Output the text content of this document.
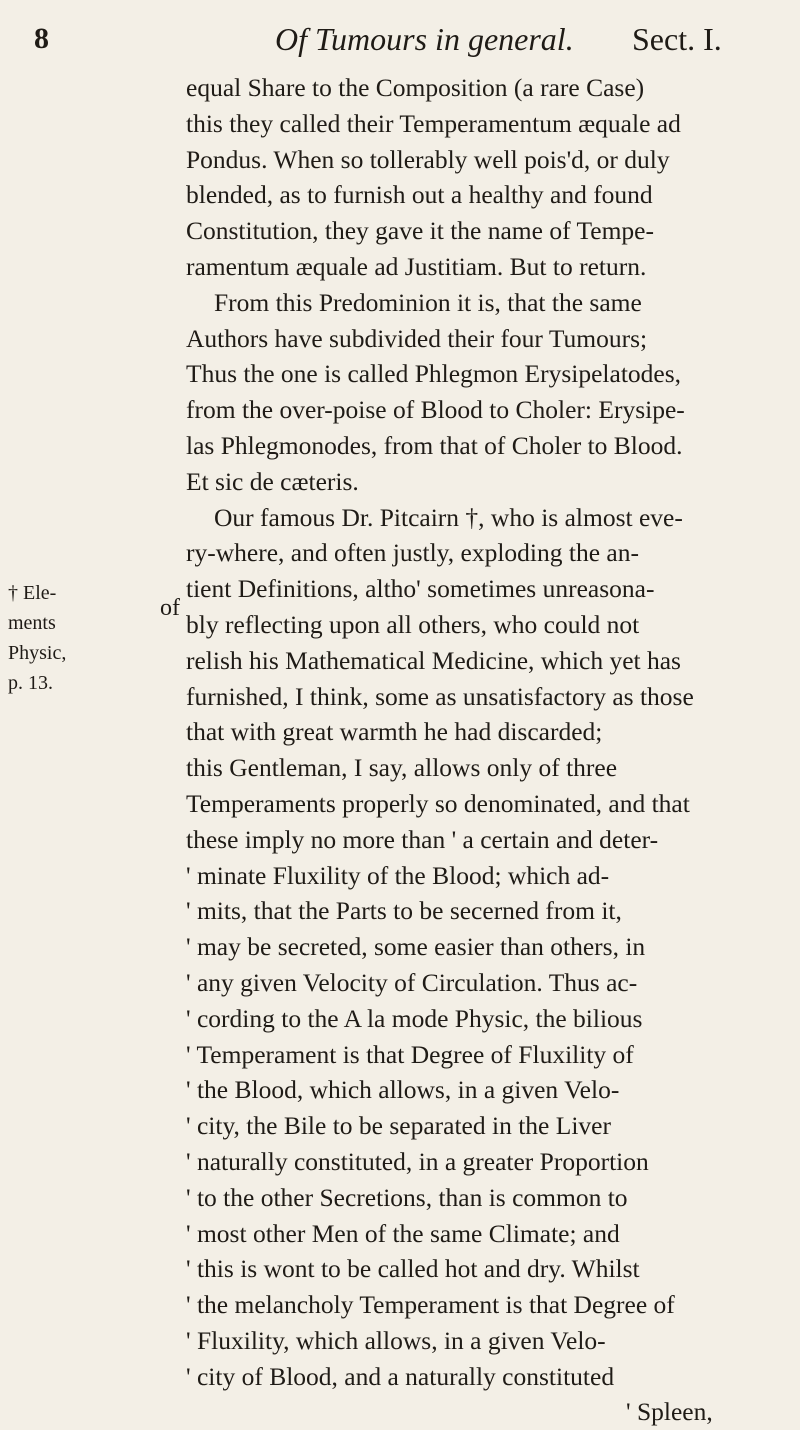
8	Of Tumours in general. Sect. I.
† Ele-
ments
Physic,
p. 13.
of
equal Share to the Composition (a rare Case)
this they called their Temperamentum æquale ad
Pondus. When so tollerably well pois'd, or duly
blended, as to furnish out a healthy and found
Constitution, they gave it the name of Tempe-
ramentum æquale ad Justitiam. But to return.
From this Predominion it is, that the same
Authors have subdivided their four Tumours;
Thus the one is called Phlegmon Erysipelatodes,
from the over-poise of Blood to Choler: Erysipe-
las Phlegmonodes, from that of Choler to Blood.
Et sic de cæteris.
Our famous Dr. Pitcairn †, who is almost eve-
ry-where, and often justly, exploding the an-
tient Definitions, altho' sometimes unreasona-
bly reflecting upon all others, who could not
relish his Mathematical Medicine, which yet has
furnished, I think, some as unsatisfactory as those
that with great warmth he had discarded;
this Gentleman, I say, allows only of three
Temperaments properly so denominated, and that
these imply no more than ' a certain and deter-
' minate Fluxility of the Blood; which ad-
' mits, that the Parts to be secerned from it,
' may be secreted, some easier than others, in
' any given Velocity of Circulation. Thus ac-
' cording to the A la mode Physic, the bilious
' Temperament is that Degree of Fluxility of
' the Blood, which allows, in a given Velo-
' city, the Bile to be separated in the Liver
' naturally constituted, in a greater Proportion
' to the other Secretions, than is common to
' most other Men of the same Climate; and
' this is wont to be called hot and dry. Whilst
' the melancholy Temperament is that Degree of
' Fluxility, which allows, in a given Velo-
' city of Blood, and a naturally constituted
' Spleen,
